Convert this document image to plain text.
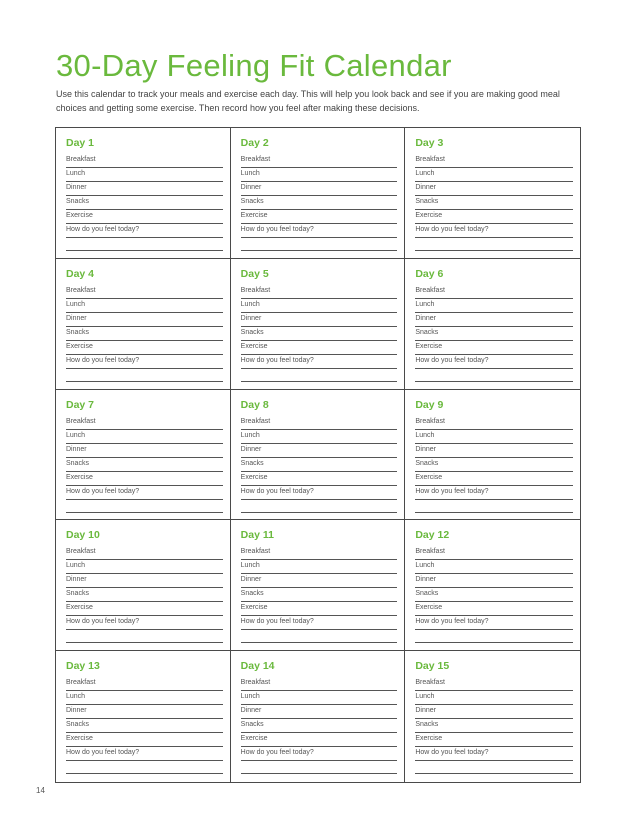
30-Day Feeling Fit Calendar

Use this calendar to track your meals and exercise each day. This will help you look back and see if you are making good meal choices and getting some exercise. Then record how you feel after making these decisions.

Day 1
Breakfast
Lunch
Dinner
Snacks
Exercise
How do you feel today?
Day 2
Breakfast
Lunch
Dinner
Snacks
Exercise
How do you feel today?
Day 3
Breakfast
Lunch
Dinner
Snacks
Exercise
How do you feel today?
Day 4
Breakfast
Lunch
Dinner
Snacks
Exercise
How do you feel today?
Day 5
Breakfast
Lunch
Dinner
Snacks
Exercise
How do you feel today?
Day 6
Breakfast
Lunch
Dinner
Snacks
Exercise
How do you feel today?
Day 7
Breakfast
Lunch
Dinner
Snacks
Exercise
How do you feel today?
Day 8
Breakfast
Lunch
Dinner
Snacks
Exercise
How do you feel today?
Day 9
Breakfast
Lunch
Dinner
Snacks
Exercise
How do you feel today?
Day 10
Breakfast
Lunch
Dinner
Snacks
Exercise
How do you feel today?
Day 11
Breakfast
Lunch
Dinner
Snacks
Exercise
How do you feel today?
Day 12
Breakfast
Lunch
Dinner
Snacks
Exercise
How do you feel today?
Day 13
Breakfast
Lunch
Dinner
Snacks
Exercise
How do you feel today?
Day 14
Breakfast
Lunch
Dinner
Snacks
Exercise
How do you feel today?
Day 15
Breakfast
Lunch
Dinner
Snacks
Exercise
How do you feel today?
14
